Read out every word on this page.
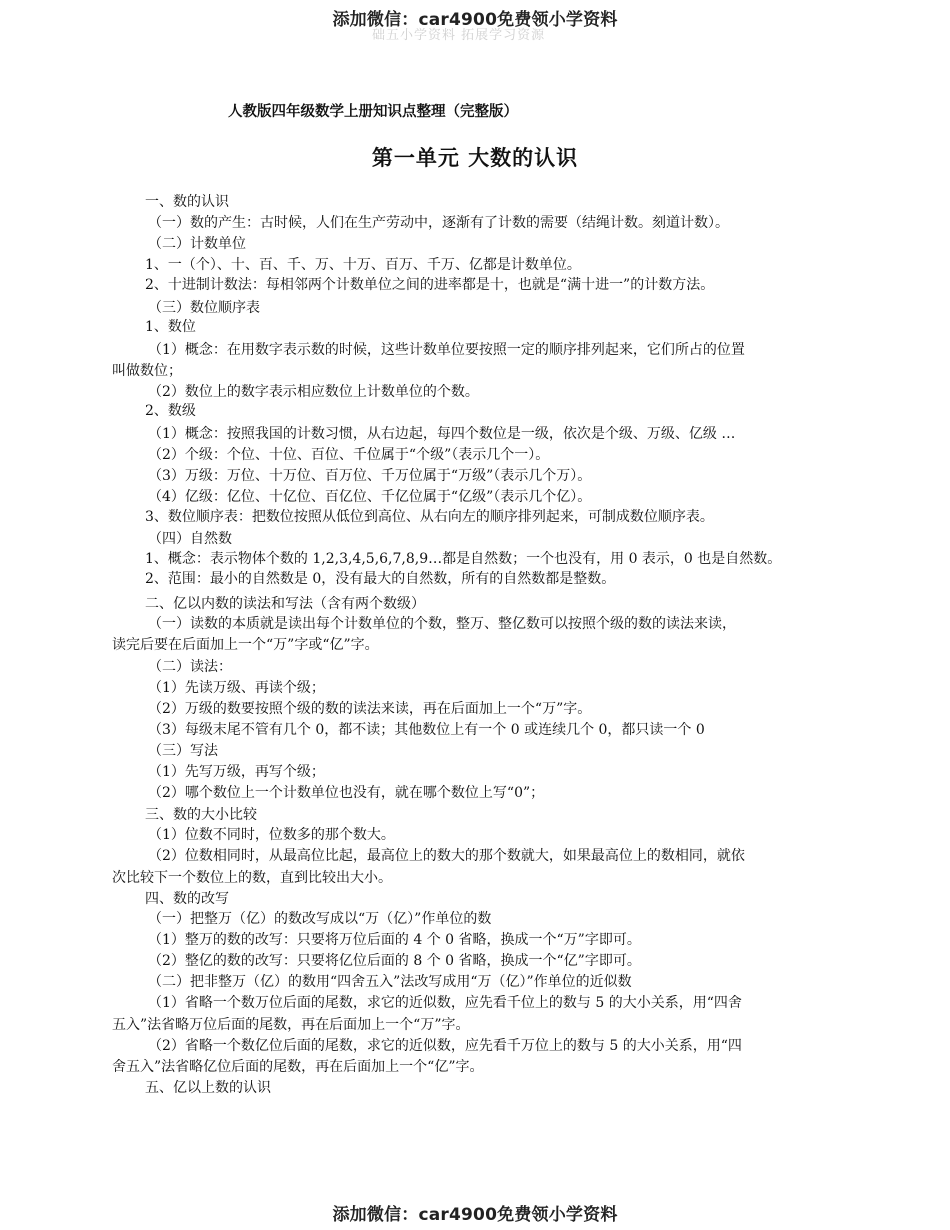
添加微信：car4900免费领小学资料
础五小学资料 拓展学习资源
人教版四年级数学上册知识点整理（完整版）
第一单元 大数的认识
一、数的认识
（一）数的产生：古时候，人们在生产劳动中，逐渐有了计数的需要（结绳计数。刻道计数）。
（二）计数单位
1、一（个）、十、百、千、万、十万、百万、千万、亿都是计数单位。
2、十进制计数法：每相邻两个计数单位之间的进率都是十，也就是“满十进一”的计数方法。
（三）数位顺序表
1、数位
（1）概念：在用数字表示数的时候，这些计数单位要按照一定的顺序排列起来，它们所占的位置
叫做数位；
（2）数位上的数字表示相应数位上计数单位的个数。
2、数级
（1）概念：按照我国的计数习惯，从右边起，每四个数位是一级，依次是个级、万级、亿级 …
（2）个级：个位、十位、百位、千位属于“个级”（表示几个一）。
（3）万级：万位、十万位、百万位、千万位属于“万级”（表示几个万）。
（4）亿级：亿位、十亿位、百亿位、千亿位属于“亿级”（表示几个亿）。
3、数位顺序表：把数位按照从低位到高位、从右向左的顺序排列起来，可制成数位顺序表。
（四）自然数
1、概念：表示物体个数的 1,2,3,4,5,6,7,8,9…都是自然数；一个也没有，用 0 表示，0 也是自然数。
2、范围：最小的自然数是 0，没有最大的自然数，所有的自然数都是整数。
二、亿以内数的读法和写法（含有两个数级）
（一）读数的本质就是读出每个计数单位的个数，整万、整亿数可以按照个级的数的读法来读，
读完后要在后面加上一个“万”字或“亿”字。
（二）读法：
（1）先读万级、再读个级；
（2）万级的数要按照个级的数的读法来读，再在后面加上一个“万”字。
（3）每级末尾不管有几个 0，都不读；其他数位上有一个 0 或连续几个 0，都只读一个 0
（三）写法
（1）先写万级，再写个级；
（2）哪个数位上一个计数单位也没有，就在哪个数位上写“0”；
三、数的大小比较
（1）位数不同时，位数多的那个数大。
（2）位数相同时，从最高位比起，最高位上的数大的那个数就大，如果最高位上的数相同，就依
次比较下一个数位上的数，直到比较出大小。
四、数的改写
（一）把整万（亿）的数改写成以“万（亿）”作单位的数
（1）整万的数的改写：只要将万位后面的 4 个 0 省略，换成一个“万”字即可。
（2）整亿的数的改写：只要将亿位后面的 8 个 0 省略，换成一个“亿”字即可。
（二）把非整万（亿）的数用“四舍五入”法改写成用“万（亿）”作单位的近似数
（1）省略一个数万位后面的尾数，求它的近似数，应先看千位上的数与 5 的大小关系，用“四舍
五入”法省略万位后面的尾数，再在后面加上一个“万”字。
（2）省略一个数亿位后面的尾数，求它的近似数，应先看千万位上的数与 5 的大小关系，用“四
舍五入”法省略亿位后面的尾数，再在后面加上一个“亿”字。
五、亿以上数的认识
添加微信：car4900免费领小学资料
